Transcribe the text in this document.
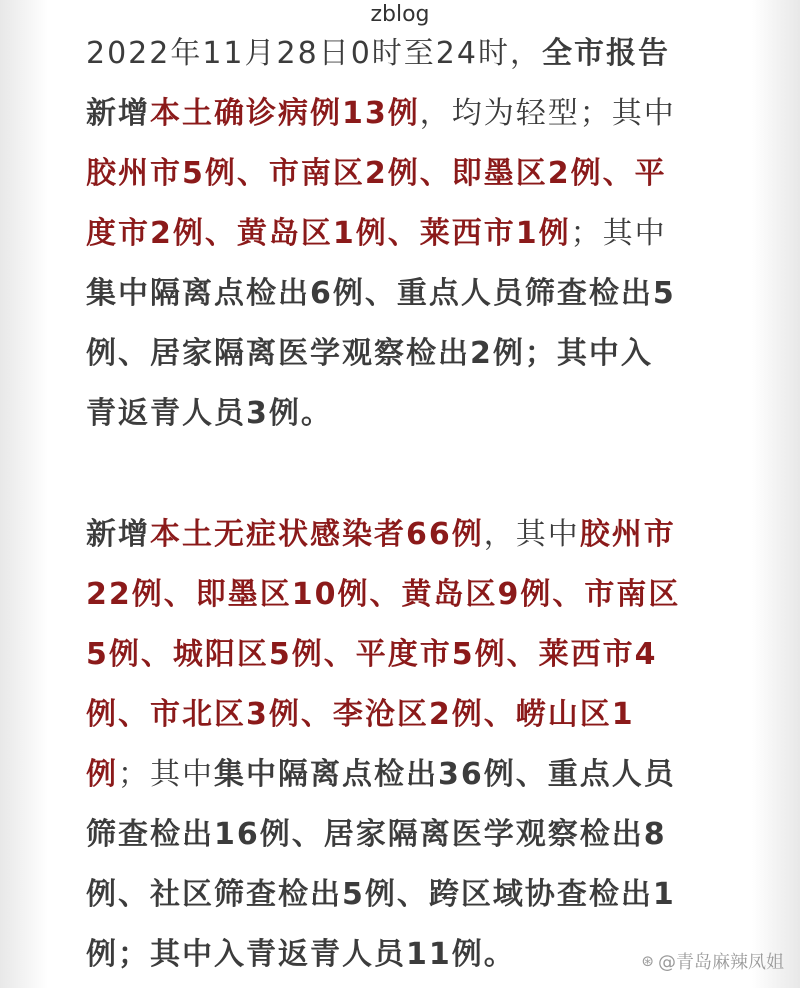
zblog
2022年11月28日0时至24时，全市报告
新增本土确诊病例13例，均为轻型；其中
胶州市5例、市南区2例、即墨区2例、平
度市2例、黄岛区1例、莱西市1例；其中
集中隔离点检出6例、重点人员筛查检出5
例、居家隔离医学观察检出2例；其中入
青返青人员3例。
新增本土无症状感染者66例，其中胶州市
22例、即墨区10例、黄岛区9例、市南区
5例、城阳区5例、平度市5例、莱西市4
例、市北区3例、李沧区2例、崂山区1
例；其中集中隔离点检出36例、重点人员
筛查检出16例、居家隔离医学观察检出8
例、社区筛查检出5例、跨区域协查检出1
例；其中入青返青人员11例。	⊛ @青岛麻辣凤姐
